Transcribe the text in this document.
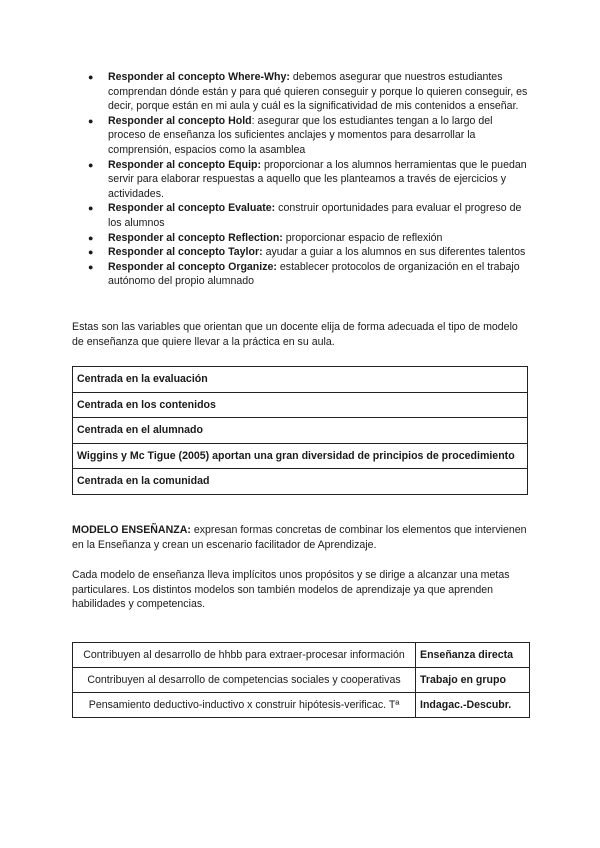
● Responder al concepto Where-Why: debemos asegurar que nuestros estudiantes comprendan dónde están y para qué quieren conseguir y porque lo quieren conseguir, es decir, porque están en mi aula y cuál es la significatividad de mis contenidos a enseñar.
● Responder al concepto Hold: asegurar que los estudiantes tengan a lo largo del proceso de enseñanza los suficientes anclajes y momentos para desarrollar la comprensión, espacios como la asamblea
● Responder al concepto Equip: proporcionar a los alumnos herramientas que le puedan servir para elaborar respuestas a aquello que les planteamos a través de ejercicios y actividades.
● Responder al concepto Evaluate: construir oportunidades para evaluar el progreso de los alumnos
● Responder al concepto Reflection: proporcionar espacio de reflexión
● Responder al concepto Taylor: ayudar a guiar a los alumnos en sus diferentes talentos
● Responder al concepto Organize: establecer protocolos de organización en el trabajo autónomo del propio alumnado

Estas son las variables que orientan que un docente elija de forma adecuada el tipo de modelo de enseñanza que quiere llevar a la práctica en su aula.

Centrada en la evaluación
Centrada en los contenidos
Centrada en el alumnado
Wiggins y Mc Tigue (2005) aportan una gran diversidad de principios de procedimiento
Centrada en la comunidad

MODELO ENSEÑANZA: expresan formas concretas de combinar los elementos que intervienen en la Enseñanza y crean un escenario facilitador de Aprendizaje.

Cada modelo de enseñanza lleva implícitos unos propósitos y se dirige a alcanzar una metas particulares. Los distintos modelos son también modelos de aprendizaje ya que aprenden habilidades y competencias.

Contribuyen al desarrollo de hhbb para extraer-procesar información	Enseñanza directa
Contribuyen al desarrollo de competencias sociales y cooperativas	Trabajo en grupo
Pensamiento deductivo-inductivo x construir hipótesis-verificac. Tª	Indagac.-Descubr.
